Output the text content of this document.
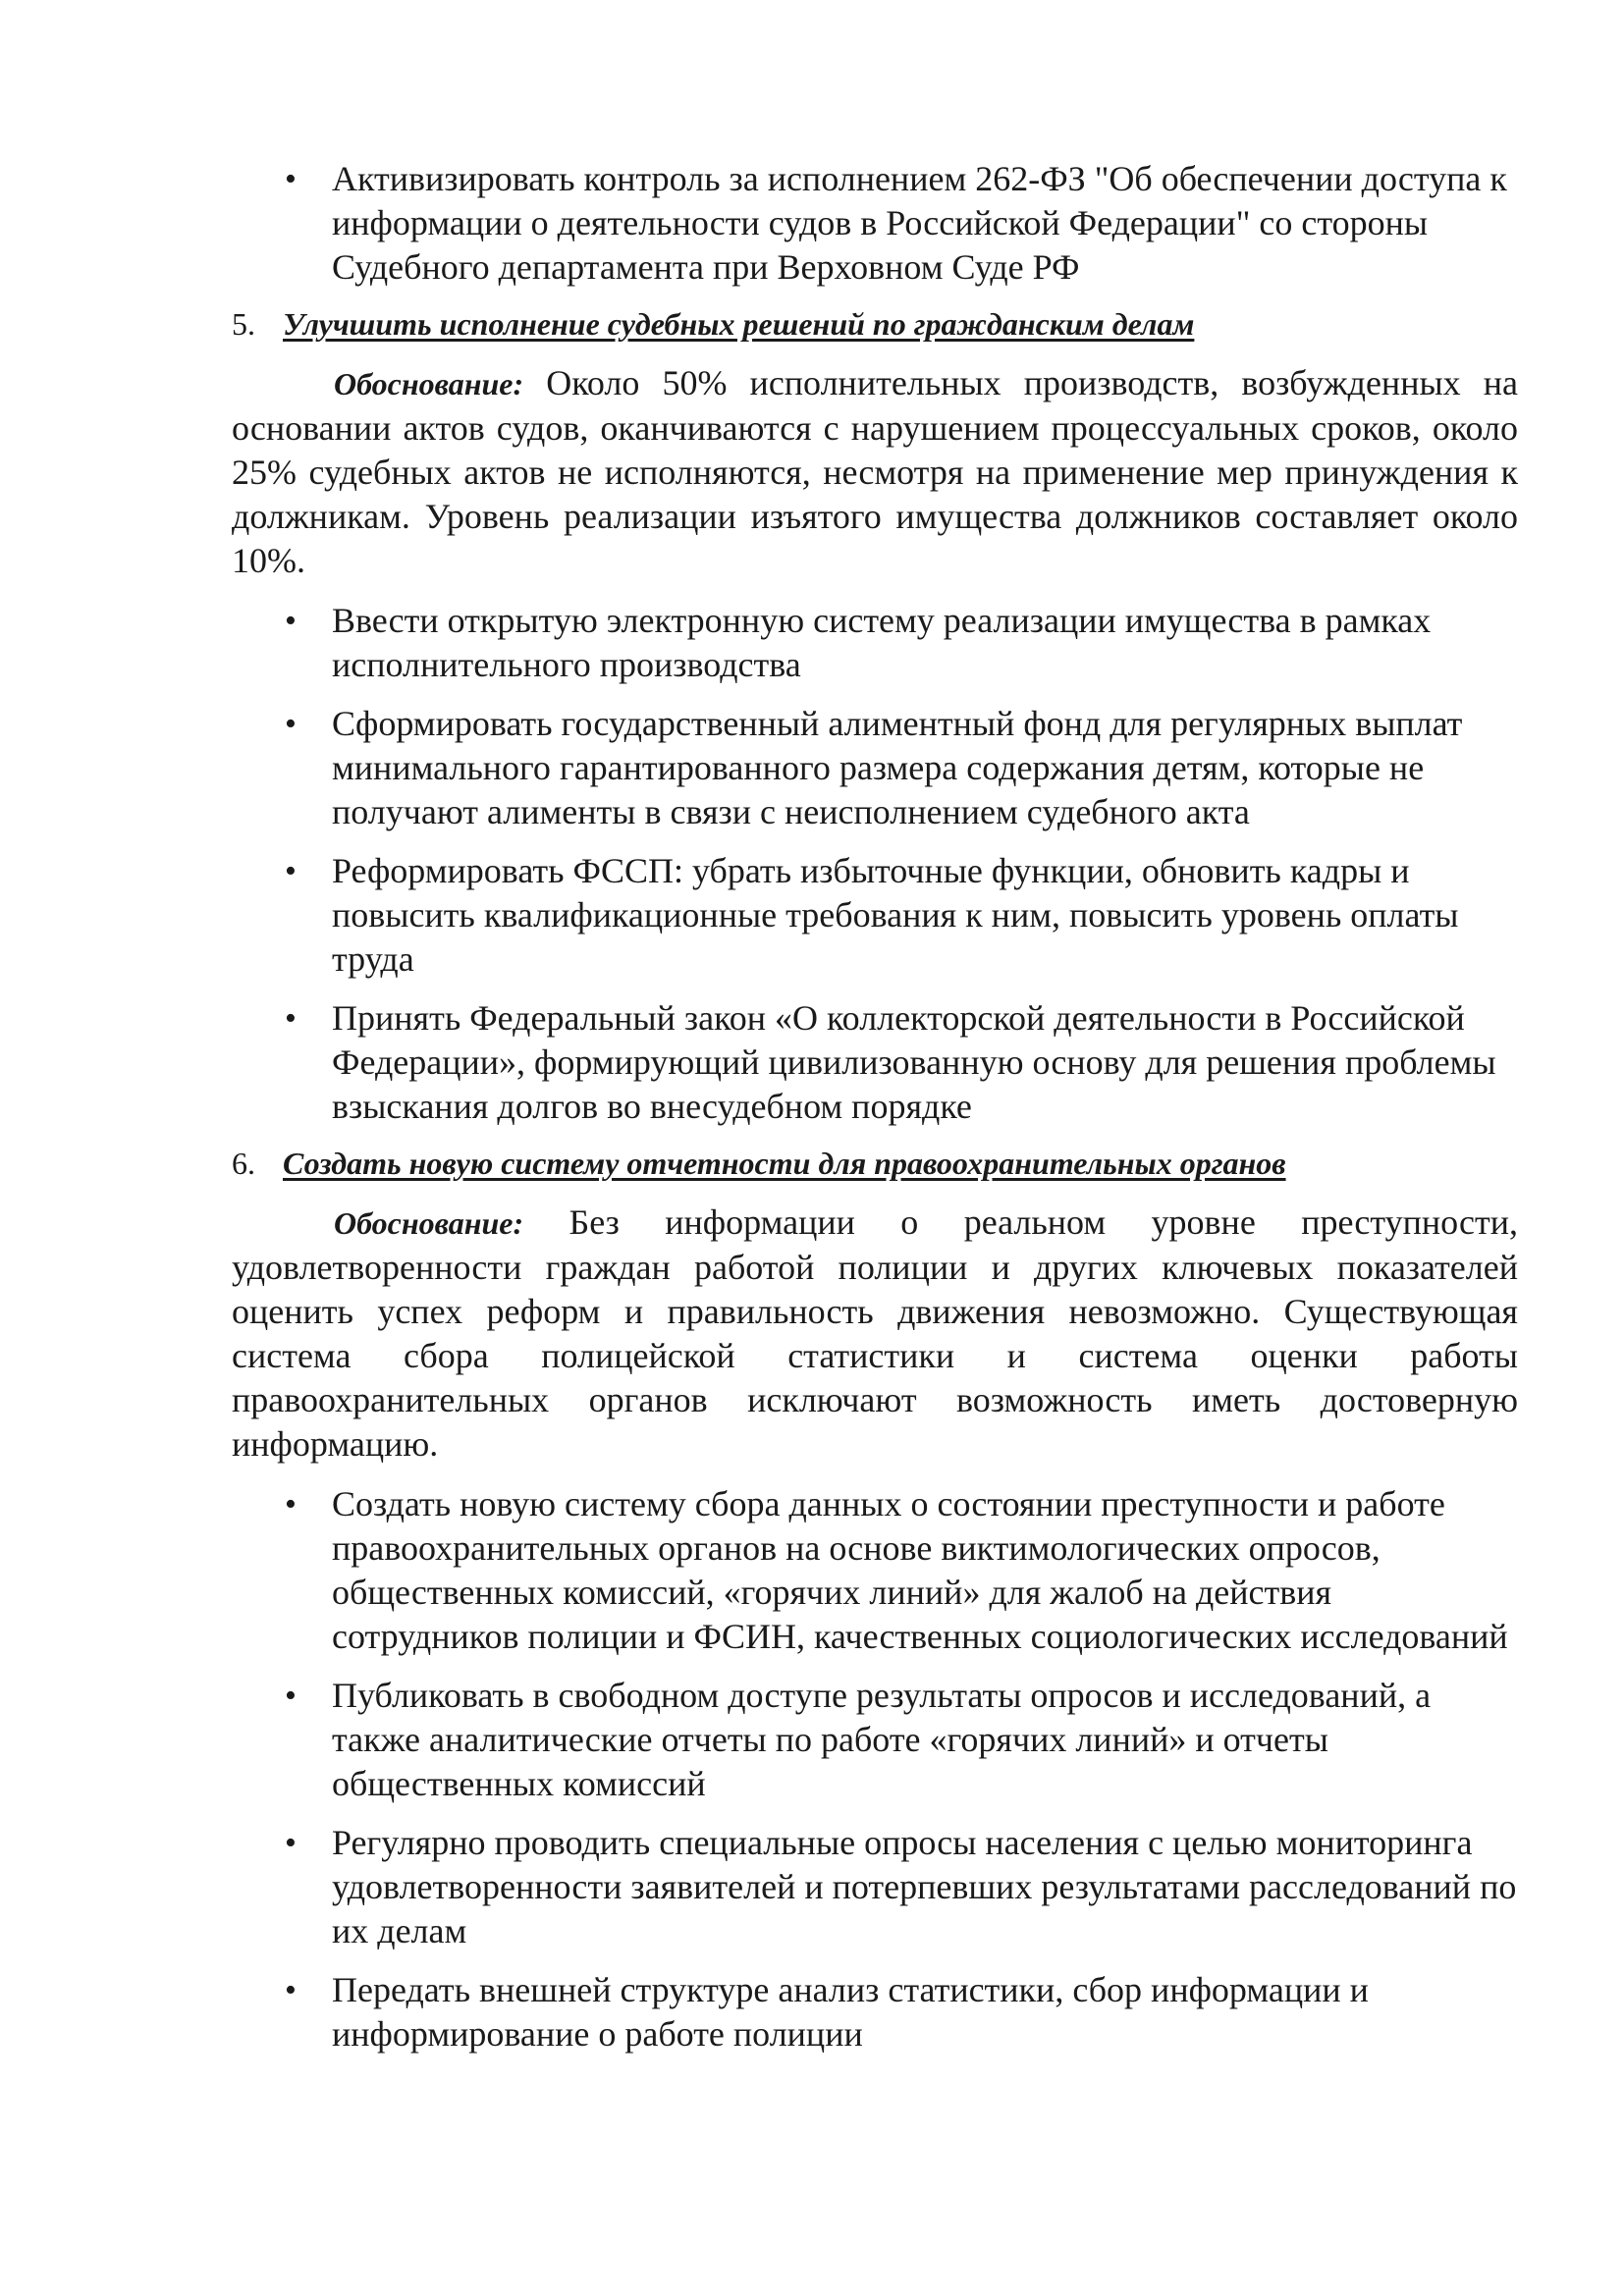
• Активизировать контроль за исполнением 262-ФЗ "Об обеспечении доступа к информации о деятельности судов в Российской Федерации" со стороны Судебного департамента при Верховном Суде РФ
5. Улучшить исполнение судебных решений по гражданским делам

Обоснование: Около 50% исполнительных производств, возбужденных на основании актов судов, оканчиваются с нарушением процессуальных сроков, около 25% судебных актов не исполняются, несмотря на применение мер принуждения к должникам. Уровень реализации изъятого имущества должников составляет около 10%.

• Ввести открытую электронную систему реализации имущества в рамках исполнительного производства
• Сформировать государственный алиментный фонд для регулярных выплат минимального гарантированного размера содержания детям, которые не получают алименты в связи с неисполнением судебного акта
• Реформировать ФССП: убрать избыточные функции, обновить кадры и повысить квалификационные требования к ним, повысить уровень оплаты труда
• Принять Федеральный закон «О коллекторской деятельности в Российской Федерации», формирующий цивилизованную основу для решения проблемы взыскания долгов во внесудебном порядке
6. Создать новую систему отчетности для правоохранительных органов

Обоснование: Без информации о реальном уровне преступности, удовлетворенности граждан работой полиции и других ключевых показателей оценить успех реформ и правильность движения невозможно. Существующая система сбора полицейской статистики и система оценки работы правоохранительных органов исключают возможность иметь достоверную информацию.

• Создать новую систему сбора данных о состоянии преступности и работе правоохранительных органов на основе виктимологических опросов, общественных комиссий, «горячих линий» для жалоб на действия сотрудников полиции и ФСИН, качественных социологических исследований
• Публиковать в свободном доступе результаты опросов и исследований, а также аналитические отчеты по работе «горячих линий» и отчеты общественных комиссий
• Регулярно проводить специальные опросы населения с целью мониторинга удовлетворенности заявителей и потерпевших результатами расследований по их делам
• Передать внешней структуре анализ статистики, сбор информации и информирование о работе полиции
